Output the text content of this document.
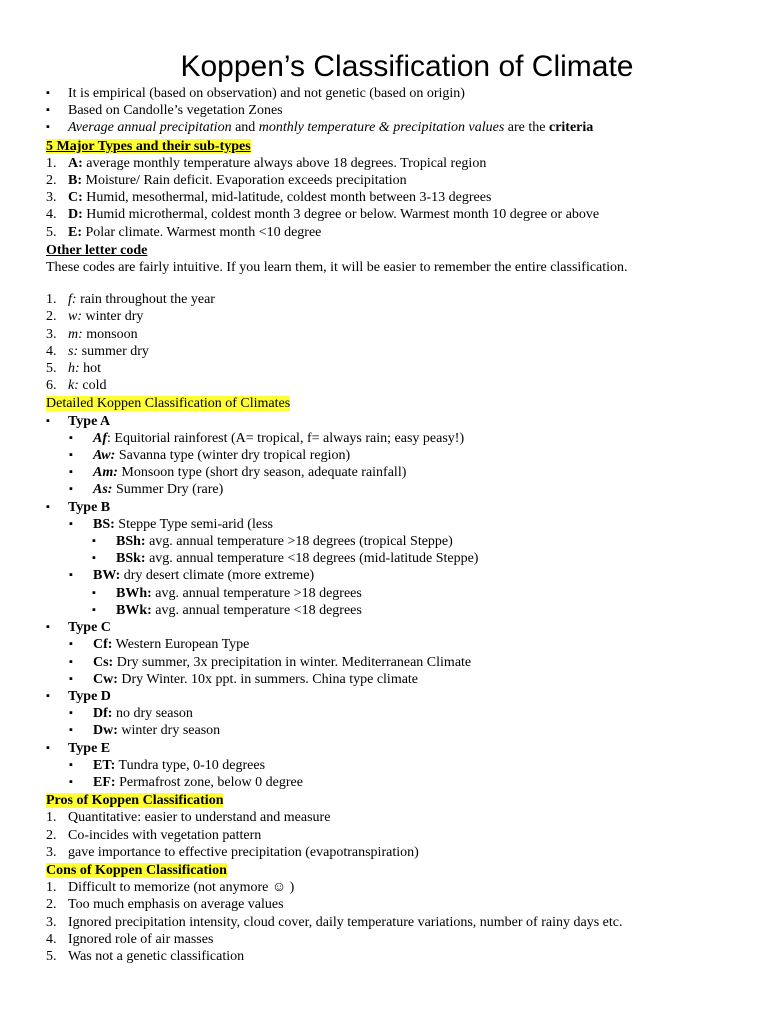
Koppen’s Classification of Climate
▪ It is empirical (based on observation) and not genetic (based on origin)
▪ Based on Candolle’s vegetation Zones
▪ Average annual precipitation and monthly temperature & precipitation values are the criteria
5 Major Types and their sub-types
1. A: average monthly temperature always above 18 degrees. Tropical region
2. B: Moisture/ Rain deficit. Evaporation exceeds precipitation
3. C: Humid, mesothermal, mid-latitude, coldest month between 3-13 degrees
4. D: Humid microthermal, coldest month 3 degree or below. Warmest month 10 degree or above
5. E: Polar climate. Warmest month <10 degree
Other letter code
These codes are fairly intuitive. If you learn them, it will be easier to remember the entire classification.
1. f: rain throughout the year
2. w: winter dry
3. m: monsoon
4. s: summer dry
5. h: hot
6. k: cold
Detailed Koppen Classification of Climates
▪ Type A
▪ Af: Equitorial rainforest (A= tropical, f= always rain; easy peasy!)
▪ Aw: Savanna type (winter dry tropical region)
▪ Am: Monsoon type (short dry season, adequate rainfall)
▪ As: Summer Dry (rare)
▪ Type B
▪ BS: Steppe Type semi-arid (less
▪ BSh: avg. annual temperature >18 degrees (tropical Steppe)
▪ BSk: avg. annual temperature <18 degrees (mid-latitude Steppe)
▪ BW: dry desert climate (more extreme)
▪ BWh: avg. annual temperature >18 degrees
▪ BWk: avg. annual temperature <18 degrees
▪ Type C
▪ Cf: Western European Type
▪ Cs: Dry summer, 3x precipitation in winter. Mediterranean Climate
▪ Cw: Dry Winter. 10x ppt. in summers. China type climate
▪ Type D
▪ Df: no dry season
▪ Dw: winter dry season
▪ Type E
▪ ET: Tundra type, 0-10 degrees
▪ EF: Permafrost zone, below 0 degree
Pros of Koppen Classification
1. Quantitative: easier to understand and measure
2. Co-incides with vegetation pattern
3. gave importance to effective precipitation (evapotranspiration)
Cons of Koppen Classification
1. Difficult to memorize (not anymore ☺ )
2. Too much emphasis on average values
3. Ignored precipitation intensity, cloud cover, daily temperature variations, number of rainy days etc.
4. Ignored role of air masses
5. Was not a genetic classification
